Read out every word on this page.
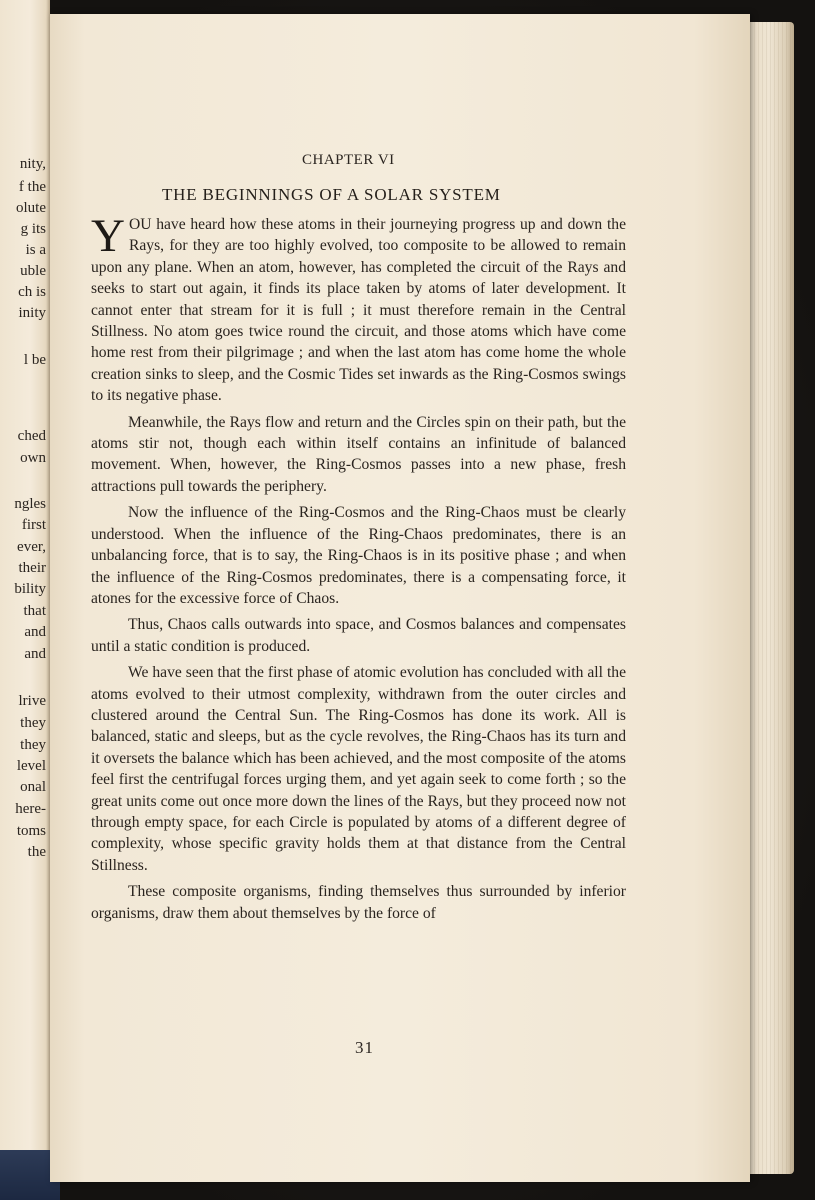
nity,
f the
olute
g its
is a
uble
ch is
inity
l be
ched
own
ngles
first
ever,
their
bility
that
and
and
lrive
they
they
level
onal
here-
toms
the
CHAPTER VI
THE BEGINNINGS OF A SOLAR SYSTEM

YOU have heard how these atoms in their journeying progress up and down the Rays, for they are too highly evolved, too composite to be allowed to remain upon any plane. When an atom, however, has completed the circuit of the Rays and seeks to start out again, it finds its place taken by atoms of later development. It cannot enter that stream for it is full ; it must therefore remain in the Central Stillness. No atom goes twice round the circuit, and those atoms which have come home rest from their pilgrimage ; and when the last atom has come home the whole creation sinks to sleep, and the Cosmic Tides set inwards as the Ring-Cosmos swings to its negative phase.

Meanwhile, the Rays flow and return and the Circles spin on their path, but the atoms stir not, though each within itself contains an infinitude of balanced movement. When, however, the Ring-Cosmos passes into a new phase, fresh attractions pull towards the periphery.

Now the influence of the Ring-Cosmos and the Ring-Chaos must be clearly understood. When the influence of the Ring-Chaos predominates, there is an unbalancing force, that is to say, the Ring-Chaos is in its positive phase ; and when the influence of the Ring-Cosmos predominates, there is a compensating force, it atones for the excessive force of Chaos.

Thus, Chaos calls outwards into space, and Cosmos balances and compensates until a static condition is produced.

We have seen that the first phase of atomic evolution has concluded with all the atoms evolved to their utmost complexity, withdrawn from the outer circles and clustered around the Central Sun. The Ring-Cosmos has done its work. All is balanced, static and sleeps, but as the cycle revolves, the Ring-Chaos has its turn and it oversets the balance which has been achieved, and the most composite of the atoms feel first the centrifugal forces urging them, and yet again seek to come forth ; so the great units come out once more down the lines of the Rays, but they proceed now not through empty space, for each Circle is populated by atoms of a different degree of complexity, whose specific gravity holds them at that distance from the Central Stillness.

These composite organisms, finding themselves thus surrounded by inferior organisms, draw them about themselves by the force of

31
